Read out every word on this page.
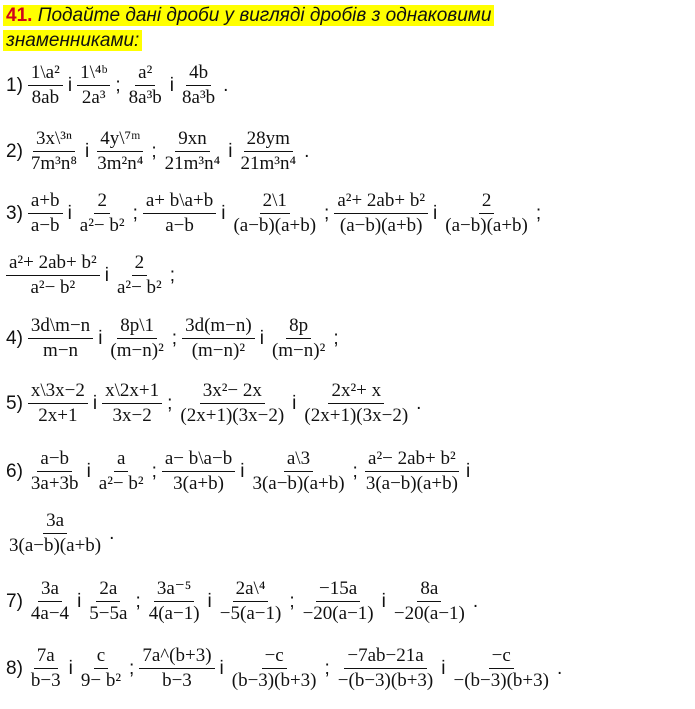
41. Подайте дані дроби у вигляді дробів з однаковими
знаменниками:
$1) \frac{\text{1\textbackslash{}a²}}{8ab}$ і $\frac{\text{1\textbackslash{}⁴ᵇ}}{\text{2a³}}$ ; $\frac{\text{a²}}{\text{8a³b}}$ і $\frac{4b}{\text{8a³b}}$ .
$2) \frac{\text{3x\textbackslash{}³ⁿ}}{\text{7m³n⁸}}$ і $\frac{\text{4y\textbackslash{}⁷ᵐ}}{\text{3m²n⁴}}$ ; $\frac{9xn}{\text{21m³n⁴}}$ і $\frac{28ym}{\text{21m³n⁴}}$ .
$3) \frac{a+b}{a-b}$ і $\frac{2}{\text{a²− b²}}$ ; $\frac{a+ b\backslash a+b}{a-b}$ і $\frac{2\backslash 1}{(a-b)(a+b)}$ ; $\frac{\text{a²+ 2ab+ b²}}{(a-b)(a+b)}$ і $\frac{2}{(a-b)(a+b)}$ ;
$\frac{\text{a²+ 2ab+ b²}}{\text{a²− b²}}$ і $\frac{2}{\text{a²− b²}}$ ;
$4) \frac{3d\backslash m-n}{m-n}$ і $\frac{8p\backslash 1}{\text{(m−n)²}}$ ; $\frac{3d(m-n)}{\text{(m−n)²}}$ і $\frac{8p}{\text{(m−n)²}}$ ;
$5) \frac{x\backslash 3x-2}{2x+1}$ і $\frac{x\backslash 2x+1}{3x-2}$ ; $\frac{\text{3x²− 2x}}{(2x+1)(3x-2)}$ і $\frac{\text{2x²+ x}}{(2x+1)(3x-2)}$ .
$6) \frac{a-b}{3a+3b}$ і $\frac{a}{\text{a²− b²}}$ ; $\frac{a- b\backslash a-b}{3(a+b)}$ і $\frac{a\backslash 3}{3(a-b)(a+b)}$ ; $\frac{\text{a²− 2ab+ b²}}{3(a-b)(a+b)}$ і
$\frac{3a}{3(a-b)(a+b)}$ .
$7) \frac{3a}{4a-4}$ і $\frac{2a}{5-5a}$ ; $\frac{\text{3a⁻⁵}}{4(a-1)}$ і $\frac{\text{2a\textbackslash{}⁴}}{-5(a-1)}$ ; $\frac{-15a}{-20(a-1)}$ і $\frac{8a}{-20(a-1)}$ .
$8) \frac{7a}{b-3}$ і $\frac{c}{\text{9− b²}}$ ; $\frac{7a\^{}(b+3)}{b-3}$ і $\frac{-c}{(b-3)(b+3)}$ ; $\frac{-7ab-21a}{-(b-3)(b+3)}$ і $\frac{-c}{-(b-3)(b+3)}$ .
